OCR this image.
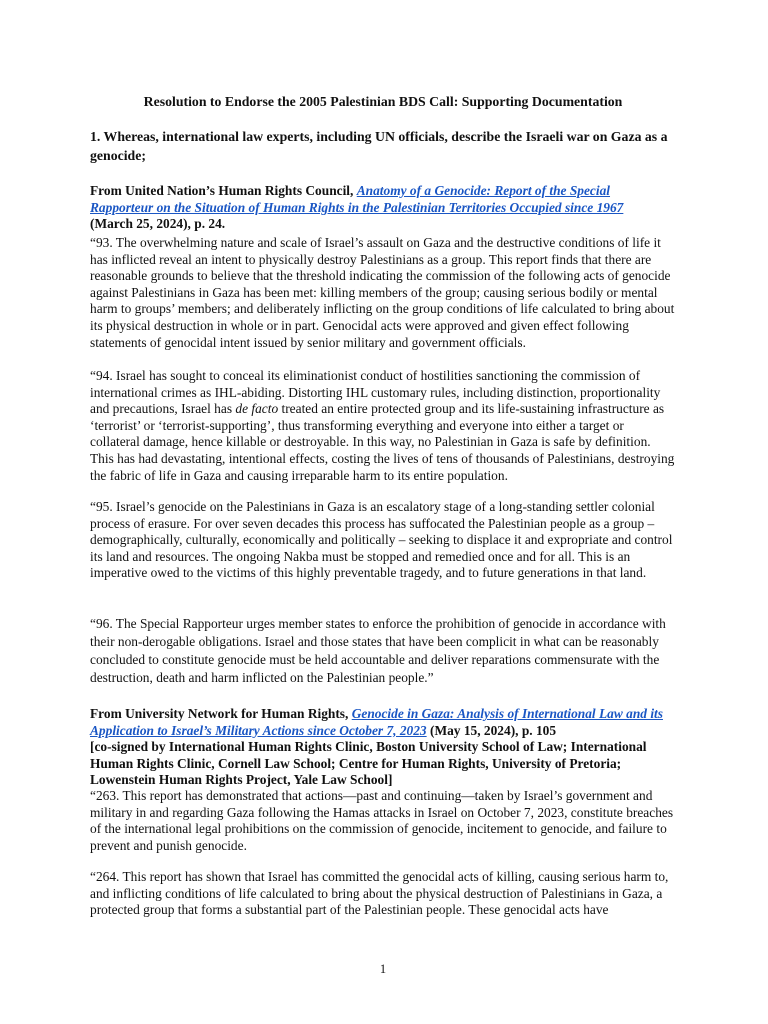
Resolution to Endorse the 2005 Palestinian BDS Call: Supporting Documentation
1. Whereas, international law experts, including UN officials, describe the Israeli war on Gaza as a genocide;

From United Nation’s Human Rights Council, Anatomy of a Genocide: Report of the Special Rapporteur on the Situation of Human Rights in the Palestinian Territories Occupied since 1967
(March 25, 2024), p. 24.

“93. The overwhelming nature and scale of Israel’s assault on Gaza and the destructive conditions of life it has inflicted reveal an intent to physically destroy Palestinians as a group. This report finds that there are reasonable grounds to believe that the threshold indicating the commission of the following acts of genocide against Palestinians in Gaza has been met: killing members of the group; causing serious bodily or mental harm to groups’ members; and deliberately inflicting on the group conditions of life calculated to bring about its physical destruction in whole or in part. Genocidal acts were approved and given effect following statements of genocidal intent issued by senior military and government officials.

“94. Israel has sought to conceal its eliminationist conduct of hostilities sanctioning the commission of international crimes as IHL-abiding. Distorting IHL customary rules, including distinction, proportionality and precautions, Israel has de facto treated an entire protected group and its life-sustaining infrastructure as ‘terrorist’ or ‘terrorist-supporting’, thus transforming everything and everyone into either a target or collateral damage, hence killable or destroyable. In this way, no Palestinian in Gaza is safe by definition. This has had devastating, intentional effects, costing the lives of tens of thousands of Palestinians, destroying the fabric of life in Gaza and causing irreparable harm to its entire population.

“95. Israel’s genocide on the Palestinians in Gaza is an escalatory stage of a long-standing settler colonial process of erasure. For over seven decades this process has suffocated the Palestinian people as a group – demographically, culturally, economically and politically – seeking to displace it and expropriate and control its land and resources. The ongoing Nakba must be stopped and remedied once and for all. This is an imperative owed to the victims of this highly preventable tragedy, and to future generations in that land.

“96. The Special Rapporteur urges member states to enforce the prohibition of genocide in accordance with their non-derogable obligations. Israel and those states that have been complicit in what can be reasonably concluded to constitute genocide must be held accountable and deliver reparations commensurate with the destruction, death and harm inflicted on the Palestinian people.”

From University Network for Human Rights, Genocide in Gaza: Analysis of International Law and its Application to Israel’s Military Actions since October 7, 2023 (May 15, 2024), p. 105
[co-signed by International Human Rights Clinic, Boston University School of Law; International Human Rights Clinic, Cornell Law School; Centre for Human Rights, University of Pretoria; Lowenstein Human Rights Project, Yale Law School]

“263. This report has demonstrated that actions—past and continuing—taken by Israel’s government and military in and regarding Gaza following the Hamas attacks in Israel on October 7, 2023, constitute breaches of the international legal prohibitions on the commission of genocide, incitement to genocide, and failure to prevent and punish genocide.

“264. This report has shown that Israel has committed the genocidal acts of killing, causing serious harm to, and inflicting conditions of life calculated to bring about the physical destruction of Palestinians in Gaza, a protected group that forms a substantial part of the Palestinian people. These genocidal acts have

1
